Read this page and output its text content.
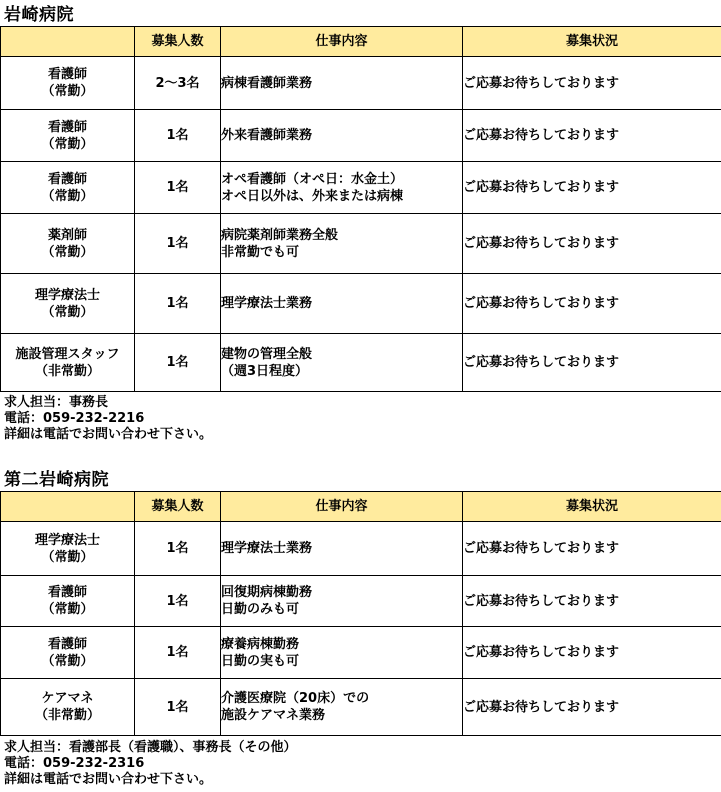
岩崎病院
	募集人数	仕事内容	募集状況

看護師
（常勤）	2〜3名	病棟看護師業務	ご応募お待ちしております

看護師
（常勤）	1名	外来看護師業務	ご応募お待ちしております

看護師
（常勤）	1名	オペ看護師（オペ日：水金土）
オペ日以外は、外来または病棟	ご応募お待ちしております

薬剤師
（常勤）	1名	病院薬剤師業務全般
非常勤でも可	ご応募お待ちしております

理学療法士
（常勤）	1名	理学療法士業務	ご応募お待ちしております

施設管理スタッフ
（非常勤）	1名	建物の管理全般
（週3日程度）	ご応募お待ちしております
求人担当：事務長
電話：059-232-2216
詳細は電話でお問い合わせ下さい。
第二岩崎病院
	募集人数	仕事内容	募集状況

理学療法士
（常勤）	1名	理学療法士業務	ご応募お待ちしております

看護師
（常勤）	1名	回復期病棟勤務
日勤のみも可	ご応募お待ちしております

看護師
（常勤）	1名	療養病棟勤務
日勤の実も可	ご応募お待ちしております

ケアマネ
（非常勤）	1名	介護医療院（20床）での
施設ケアマネ業務	ご応募お待ちしております
求人担当：看護部長（看護職）、事務長（その他）
電話：059-232-2316
詳細は電話でお問い合わせ下さい。
